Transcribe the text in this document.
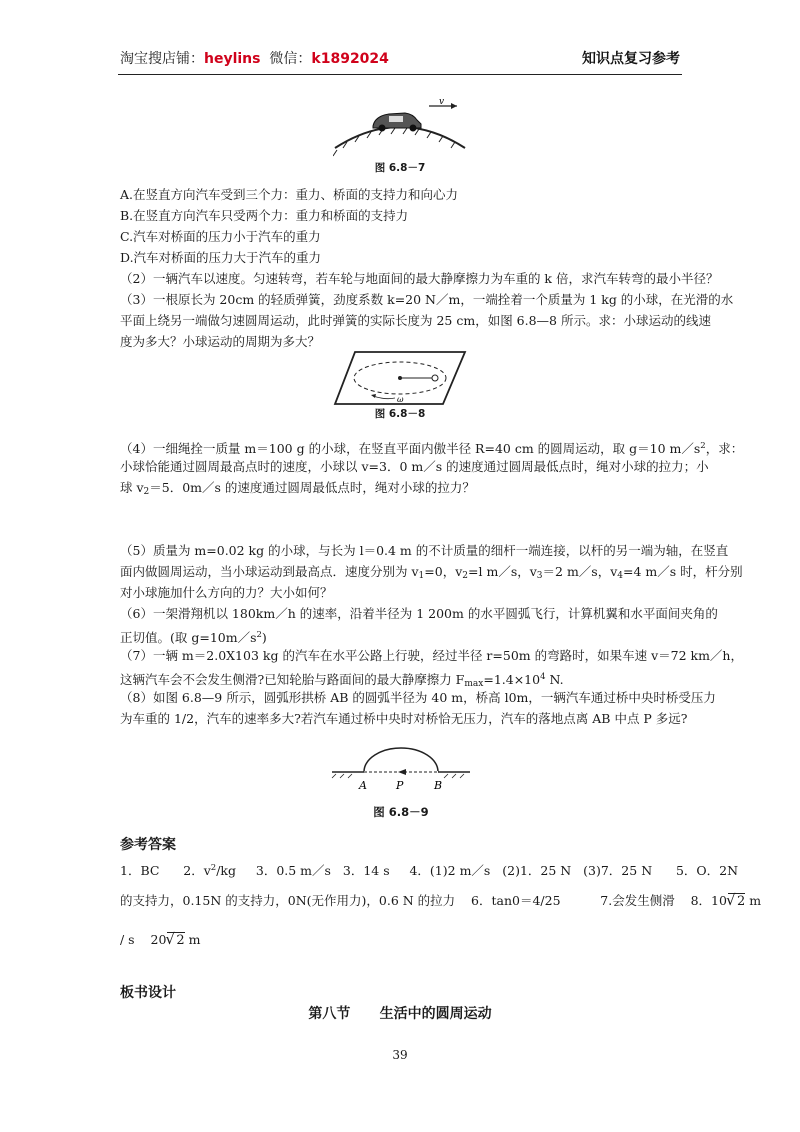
淘宝搜店铺：heylins  微信：k1892024	知识点复习参考
v
图 6.8－7
A.在竖直方向汽车受到三个力：重力、桥面的支持力和向心力
B.在竖直方向汽车只受两个力：重力和桥面的支持力
C.汽车对桥面的压力小于汽车的重力
D.汽车对桥面的压力大于汽车的重力
（2）一辆汽车以速度。匀速转弯，若车轮与地面间的最大静摩擦力为车重的 k 倍，求汽车转弯的最小半径？
（3）一根原长为 20cm 的轻质弹簧，劲度系数 k=20 N／m，一端拴着一个质量为 1 kg 的小球，在光滑的水
平面上绕另一端做匀速圆周运动，此时弹簧的实际长度为 25 cm，如图 6.8—8 所示。求：小球运动的线速
度为多大？小球运动的周期为多大？
ω
图 6.8－8
（4）一细绳拴一质量 m＝100 g 的小球，在竖直平面内傲半径 R=40 cm 的圆周运动，取 g＝10 $m/s^2$，求：
小球恰能通过圆周最高点时的速度，小球以 v=3．0 m／s 的速度通过圆周最低点时，绳对小球的拉力；小
球 $v_2=5$．0m／s 的速度通过圆周最低点时，绳对小球的拉力？
（5）质量为 m=0.02 kg 的小球，与长为 l＝0.4 m 的不计质量的细杆一端连接，以杆的另一端为轴，在竖直
面内做圆周运动，当小球运动到最高点．速度分别为 $v_1=0$，$v_2=l$ m／s，$v_3=2$ m／s，$v_4=4$ m／s 时，杆分别
对小球施加什么方向的力？大小如何？
（6）一架滑翔机以 180km／h 的速率，沿着半径为 1 200m 的水平圆弧飞行，计算机翼和水平面间夹角的
正切值。(取 $g=10m/s^2$)
（7）一辆 m＝2.0X103 kg 的汽车在水平公路上行驶，经过半径 r=50m 的弯路时，如果车速 v＝72 km／h，
这辆汽车会不会发生侧滑?已知轮胎与路面间的最大静摩擦力 $F_{max}=1.4\times 10^4$ N.
（8）如图 6.8—9 所示，圆弧形拱桥 AB 的圆弧半径为 40 m，桥高 l0m，一辆汽车通过桥中央时桥受压力
为车重的 1/2，汽车的速率多大?若汽车通过桥中央时对桥恰无压力，汽车的落地点离 AB 中点 P 多远?
A	P	B
图 6.8－9
参考答案
1．BC      2．$v^2/kg$     3．0.5 m／s   3．14 s     4．(1)2 m／s   (2)1．25 N   (3)7．25 N      5．O．2N
的支持力，0.15N 的支持力，0N(无作用力)，0.6 N 的拉力    6．tan0＝4/25          7.会发生侧滑    8．10 √ 2 m
/ s    20 √ 2 m
板书设计
第八节      生活中的圆周运动
39
